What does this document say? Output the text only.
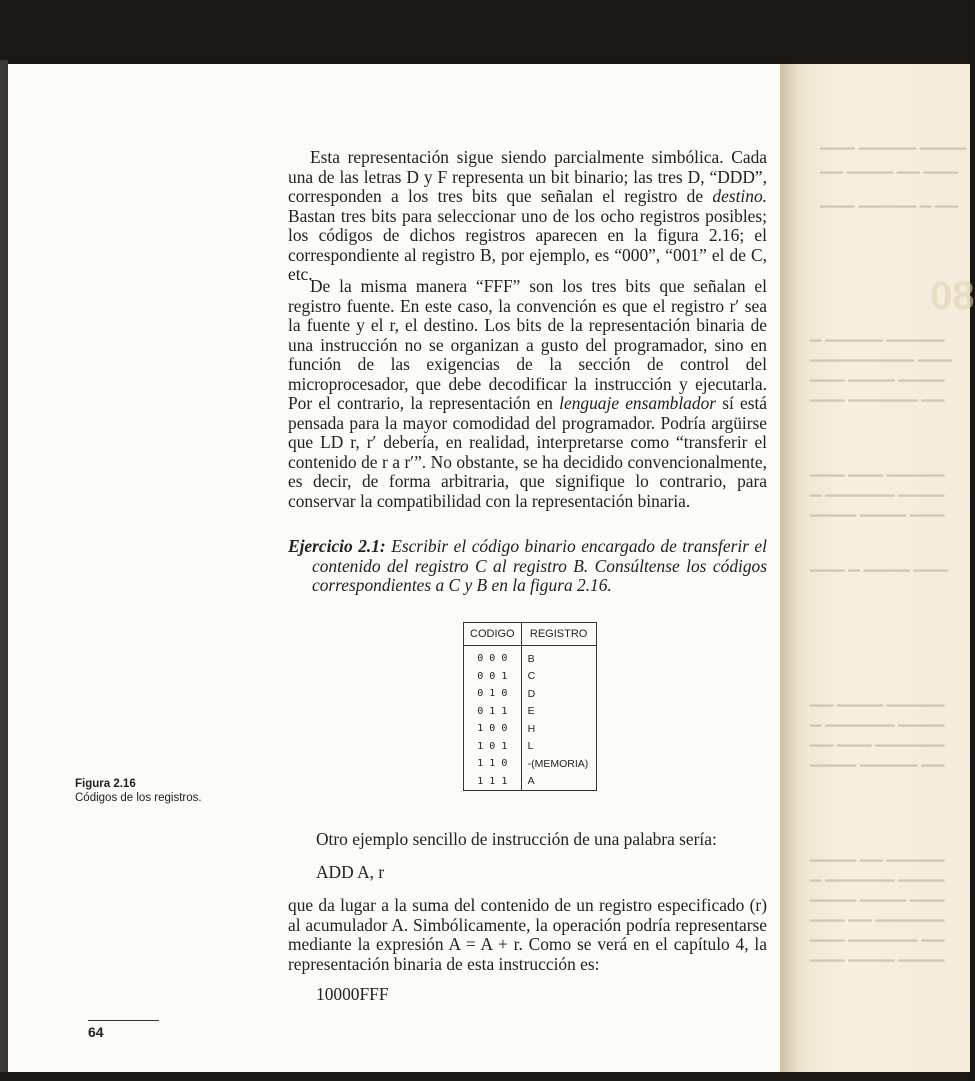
80
▁▁▁▁ ▁▁▁▁▁ ▁▁▁
▁▁▁ ▁▁ ▁▁▁▁ ▁▁
▁▁ ▁ ▁▁▁▁▁ ▁▁▁
▁▁▁▁▁ ▁▁▁▁▁ ▁
▁▁▁ ▁▁▁▁▁▁▁▁▁
▁▁▁▁ ▁▁▁▁ ▁▁▁
▁▁ ▁▁▁▁▁▁ ▁▁▁
▁▁▁▁▁ ▁▁▁ ▁▁▁
▁▁▁▁ ▁▁▁▁▁▁ ▁
▁▁▁ ▁▁▁▁ ▁▁▁▁
▁▁▁ ▁▁▁▁ ▁ ▁▁▁
▁▁▁▁▁ ▁▁▁▁ ▁▁
▁▁▁▁ ▁▁▁▁▁▁ ▁
▁▁▁▁▁▁ ▁▁▁ ▁▁
▁▁ ▁▁▁▁▁ ▁▁▁▁
▁▁▁▁▁ ▁▁ ▁▁▁▁
▁▁▁▁ ▁▁▁▁▁▁ ▁
▁▁▁ ▁▁▁▁ ▁▁▁▁
▁▁▁▁▁▁ ▁▁ ▁▁▁
▁▁ ▁▁▁▁▁▁ ▁▁▁
▁▁▁▁ ▁▁▁▁ ▁▁▁

Esta representación sigue siendo parcialmente simbólica. Cada una de las letras D y F representa un bit binario; las tres D, “DDD”, corresponden a los tres bits que señalan el registro de destino. Bastan tres bits para seleccionar uno de los ocho registros posibles; los códigos de dichos registros aparecen en la figura 2.16; el correspondiente al registro B, por ejemplo, es “000”, “001” el de C, etc.

De la misma manera “FFF” son los tres bits que señalan el registro fuente. En este caso, la convención es que el registro r′ sea la fuente y el r, el destino. Los bits de la representación binaria de una instrucción no se organizan a gusto del programador, sino en función de las exigencias de la sección de control del microprocesador, que debe decodificar la instrucción y ejecutarla. Por el contrario, la representación en lenguaje ensamblador sí está pensada para la mayor comodidad del programador. Podría argüirse que LD r, r′ debería, en realidad, interpretarse como “transferir el contenido de r a r′”. No obstante, se ha decidido convencionalmente, es decir, de forma arbitraria, que signifique lo contrario, para conservar la compatibilidad con la representación binaria.

Ejercicio 2.1: Escribir el código binario encargado de transferir el contenido del registro C al registro B. Consúltense los códigos correspondientes a C y B en la figura 2.16.

Figura 2.16
Códigos de los registros.
CODIGO	REGISTRO
0 0 0	B
0 0 1	C
0 1 0	D
0 1 1	E
1 0 0	H
1 0 1	L
1 1 0	-(MEMORIA)
1 1 1	A

Otro ejemplo sencillo de instrucción de una palabra sería:

ADD A, r

que da lugar a la suma del contenido de un registro especificado (r) al acumulador A. Simbólicamente, la operación podría representarse mediante la expresión A = A + r. Como se verá en el capítulo 4, la representación binaria de esta instrucción es:

10000FFF

64
